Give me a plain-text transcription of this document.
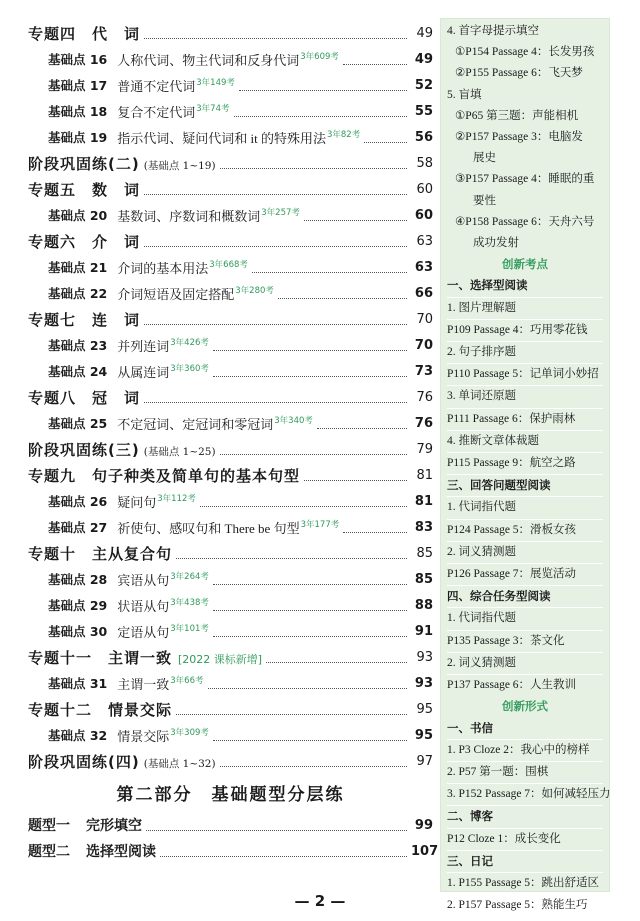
专题四　代　词	49
基础点 16 人称代词、物主代词和反身代词$^{3年609考}$	49
基础点 17 普通不定代词$^{3年149考}$	52
基础点 18 复合不定代词$^{3年74考}$	55
基础点 19 指示代词、疑问代词和 it 的特殊用法$^{3年82考}$	56
阶段巩固练(二) (基础点 1~19)	58
专题五　数　词	60
基础点 20 基数词、序数词和概数词$^{3年257考}$	60
专题六　介　词	63
基础点 21 介词的基本用法$^{3年668考}$	63
基础点 22 介词短语及固定搭配$^{3年280考}$	66
专题七　连　词	70
基础点 23 并列连词$^{3年426考}$	70
基础点 24 从属连词$^{3年360考}$	73
专题八　冠　词	76
基础点 25 不定冠词、定冠词和零冠词$^{3年340考}$	76
阶段巩固练(三) (基础点 1~25)	79
专题九　句子种类及简单句的基本句型	81
基础点 26 疑问句$^{3年112考}$	81
基础点 27 祈使句、感叹句和 There be 句型$^{3年177考}$	83
专题十　主从复合句	85
基础点 28 宾语从句$^{3年264考}$	85
基础点 29 状语从句$^{3年438考}$	88
基础点 30 定语从句$^{3年101考}$	91
专题十一　主谓一致 [2022 课标新增]	93
基础点 31 主谓一致$^{3年66考}$	93
专题十二　情景交际	95
基础点 32 情景交际$^{3年309考}$	95
阶段巩固练(四) (基础点 1~32)	97
第二部分　基础题型分层练
题型一 完形填空	99
题型二 选择型阅读	107
4. 首字母提示填空
①P154 Passage 4：长发男孩
②P155 Passage 6：飞天梦
5. 盲填
①P65 第三题：声能相机
②P157 Passage 3：电脑发
展史
③P157 Passage 4：睡眠的重
要性
④P158 Passage 6：天舟六号
成功发射
创新考点
一、选择型阅读
1. 图片理解题
P109 Passage 4：巧用零花钱
2. 句子排序题
P110 Passage 5：记单词小妙招
3. 单词还原题
P111 Passage 6：保护雨林
4. 推断文章体裁题
P115 Passage 9：航空之路
三、回答问题型阅读
1. 代词指代题
P124 Passage 5：滑板女孩
2. 词义猜测题
P126 Passage 7：展览活动
四、综合任务型阅读
1. 代词指代题
P135 Passage 3：茶文化
2. 词义猜测题
P137 Passage 6：人生教训
创新形式
一、书信
1. P3 Cloze 2：我心中的榜样
2. P57 第一题：围棋
3. P152 Passage 7：如何减轻压力
二、博客
P12 Cloze 1：成长变化
三、日记
1. P155 Passage 5：跳出舒适区
2. P157 Passage 5：熟能生巧
— 2 —
